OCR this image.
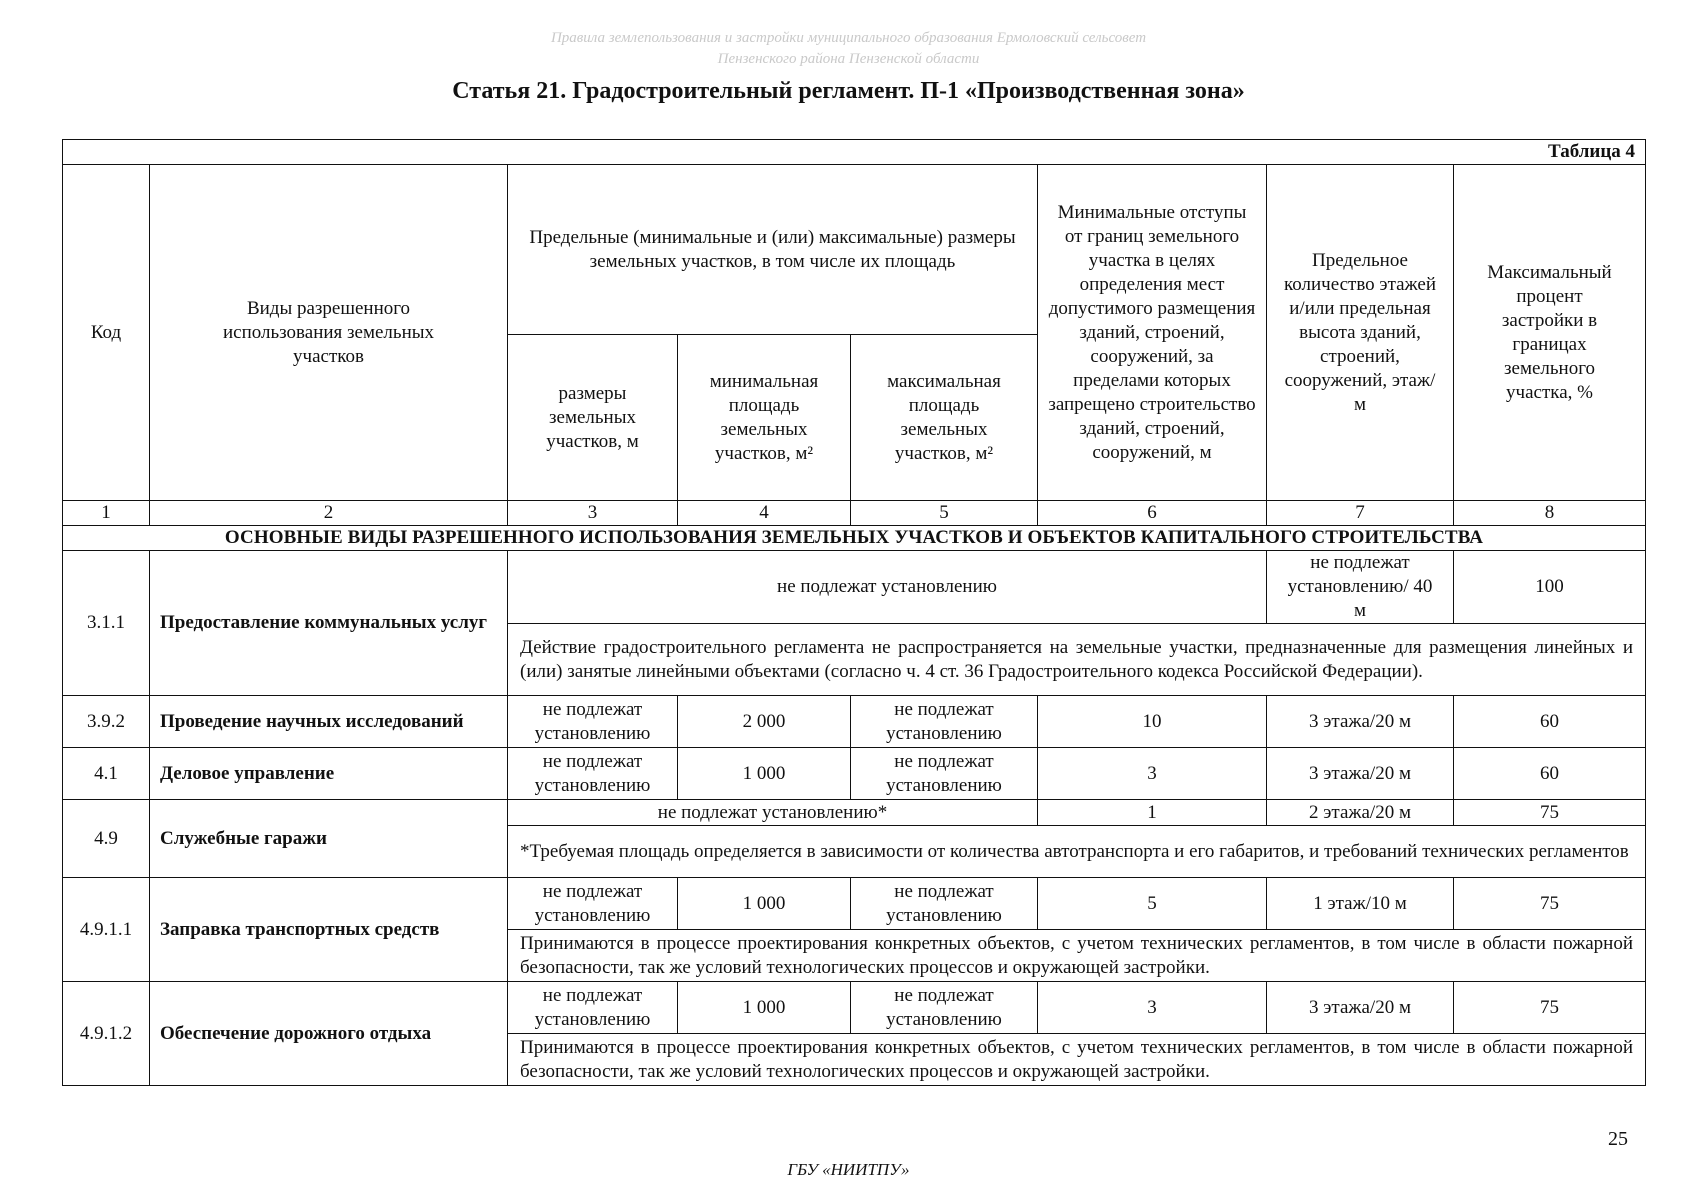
Правила землепользования и застройки муниципального образования Ермоловский сельсовет
Пензенского района Пензенской области
Статья 21. Градостроительный регламент. П-1 «Производственная зона»
Таблица 4							
Код	Виды разрешенного использования земельных участков	Предельные (минимальные и (или) максимальные) размеры земельных участков, в том числе их площадь			Минимальные отступы от границ земельного участка в целях определения мест допустимого размещения зданий, строений, сооружений, за пределами которых запрещено строительство зданий, строений, сооружений, м	Предельное количество этажей и/или предельная высота зданий, строений, сооружений, этаж/м	Максимальный процент застройки в границах земельного участка, %
		размеры земельных участков, м	минимальная площадь земельных участков, м²	максимальная площадь земельных участков, м²			
1	2	3	4	5	6	7	8
ОСНОВНЫЕ ВИДЫ РАЗРЕШЕННОГО ИСПОЛЬЗОВАНИЯ ЗЕМЕЛЬНЫХ УЧАСТКОВ И ОБЪЕКТОВ КАПИТАЛЬНОГО СТРОИТЕЛЬСТВА							
3.1.1	Предоставление коммунальных услуг	не подлежат установлению				не подлежат установлению/ 40 м	100
		Действие градостроительного регламента не распространяется на земельные участки, предназначенные для размещения линейных и (или) занятые линейными объектами (согласно ч. 4 ст. 36 Градостроительного кодекса Российской Федерации).					
3.9.2	Проведение научных исследований	не подлежат установлению	2 000	не подлежат установлению	10	3 этажа/20 м	60
4.1	Деловое управление	не подлежат установлению	1 000	не подлежат установлению	3	3 этажа/20 м	60
4.9	Служебные гаражи	не подлежат установлению*			1	2 этажа/20 м	75
		*Требуемая площадь определяется в зависимости от количества автотранспорта и его габаритов, и требований технических регламентов					
4.9.1.1	Заправка транспортных средств	не подлежат установлению	1 000	не подлежат установлению	5	1 этаж/10 м	75
		Принимаются в процессе проектирования конкретных объектов, с учетом технических регламентов, в том числе в области пожарной безопасности, так же условий технологических процессов и окружающей застройки.					
4.9.1.2	Обеспечение дорожного отдыха	не подлежат установлению	1 000	не подлежат установлению	3	3 этажа/20 м	75
		Принимаются в процессе проектирования конкретных объектов, с учетом технических регламентов, в том числе в области пожарной безопасности, так же условий технологических процессов и окружающей застройки.					
25
ГБУ «НИИТПУ»
